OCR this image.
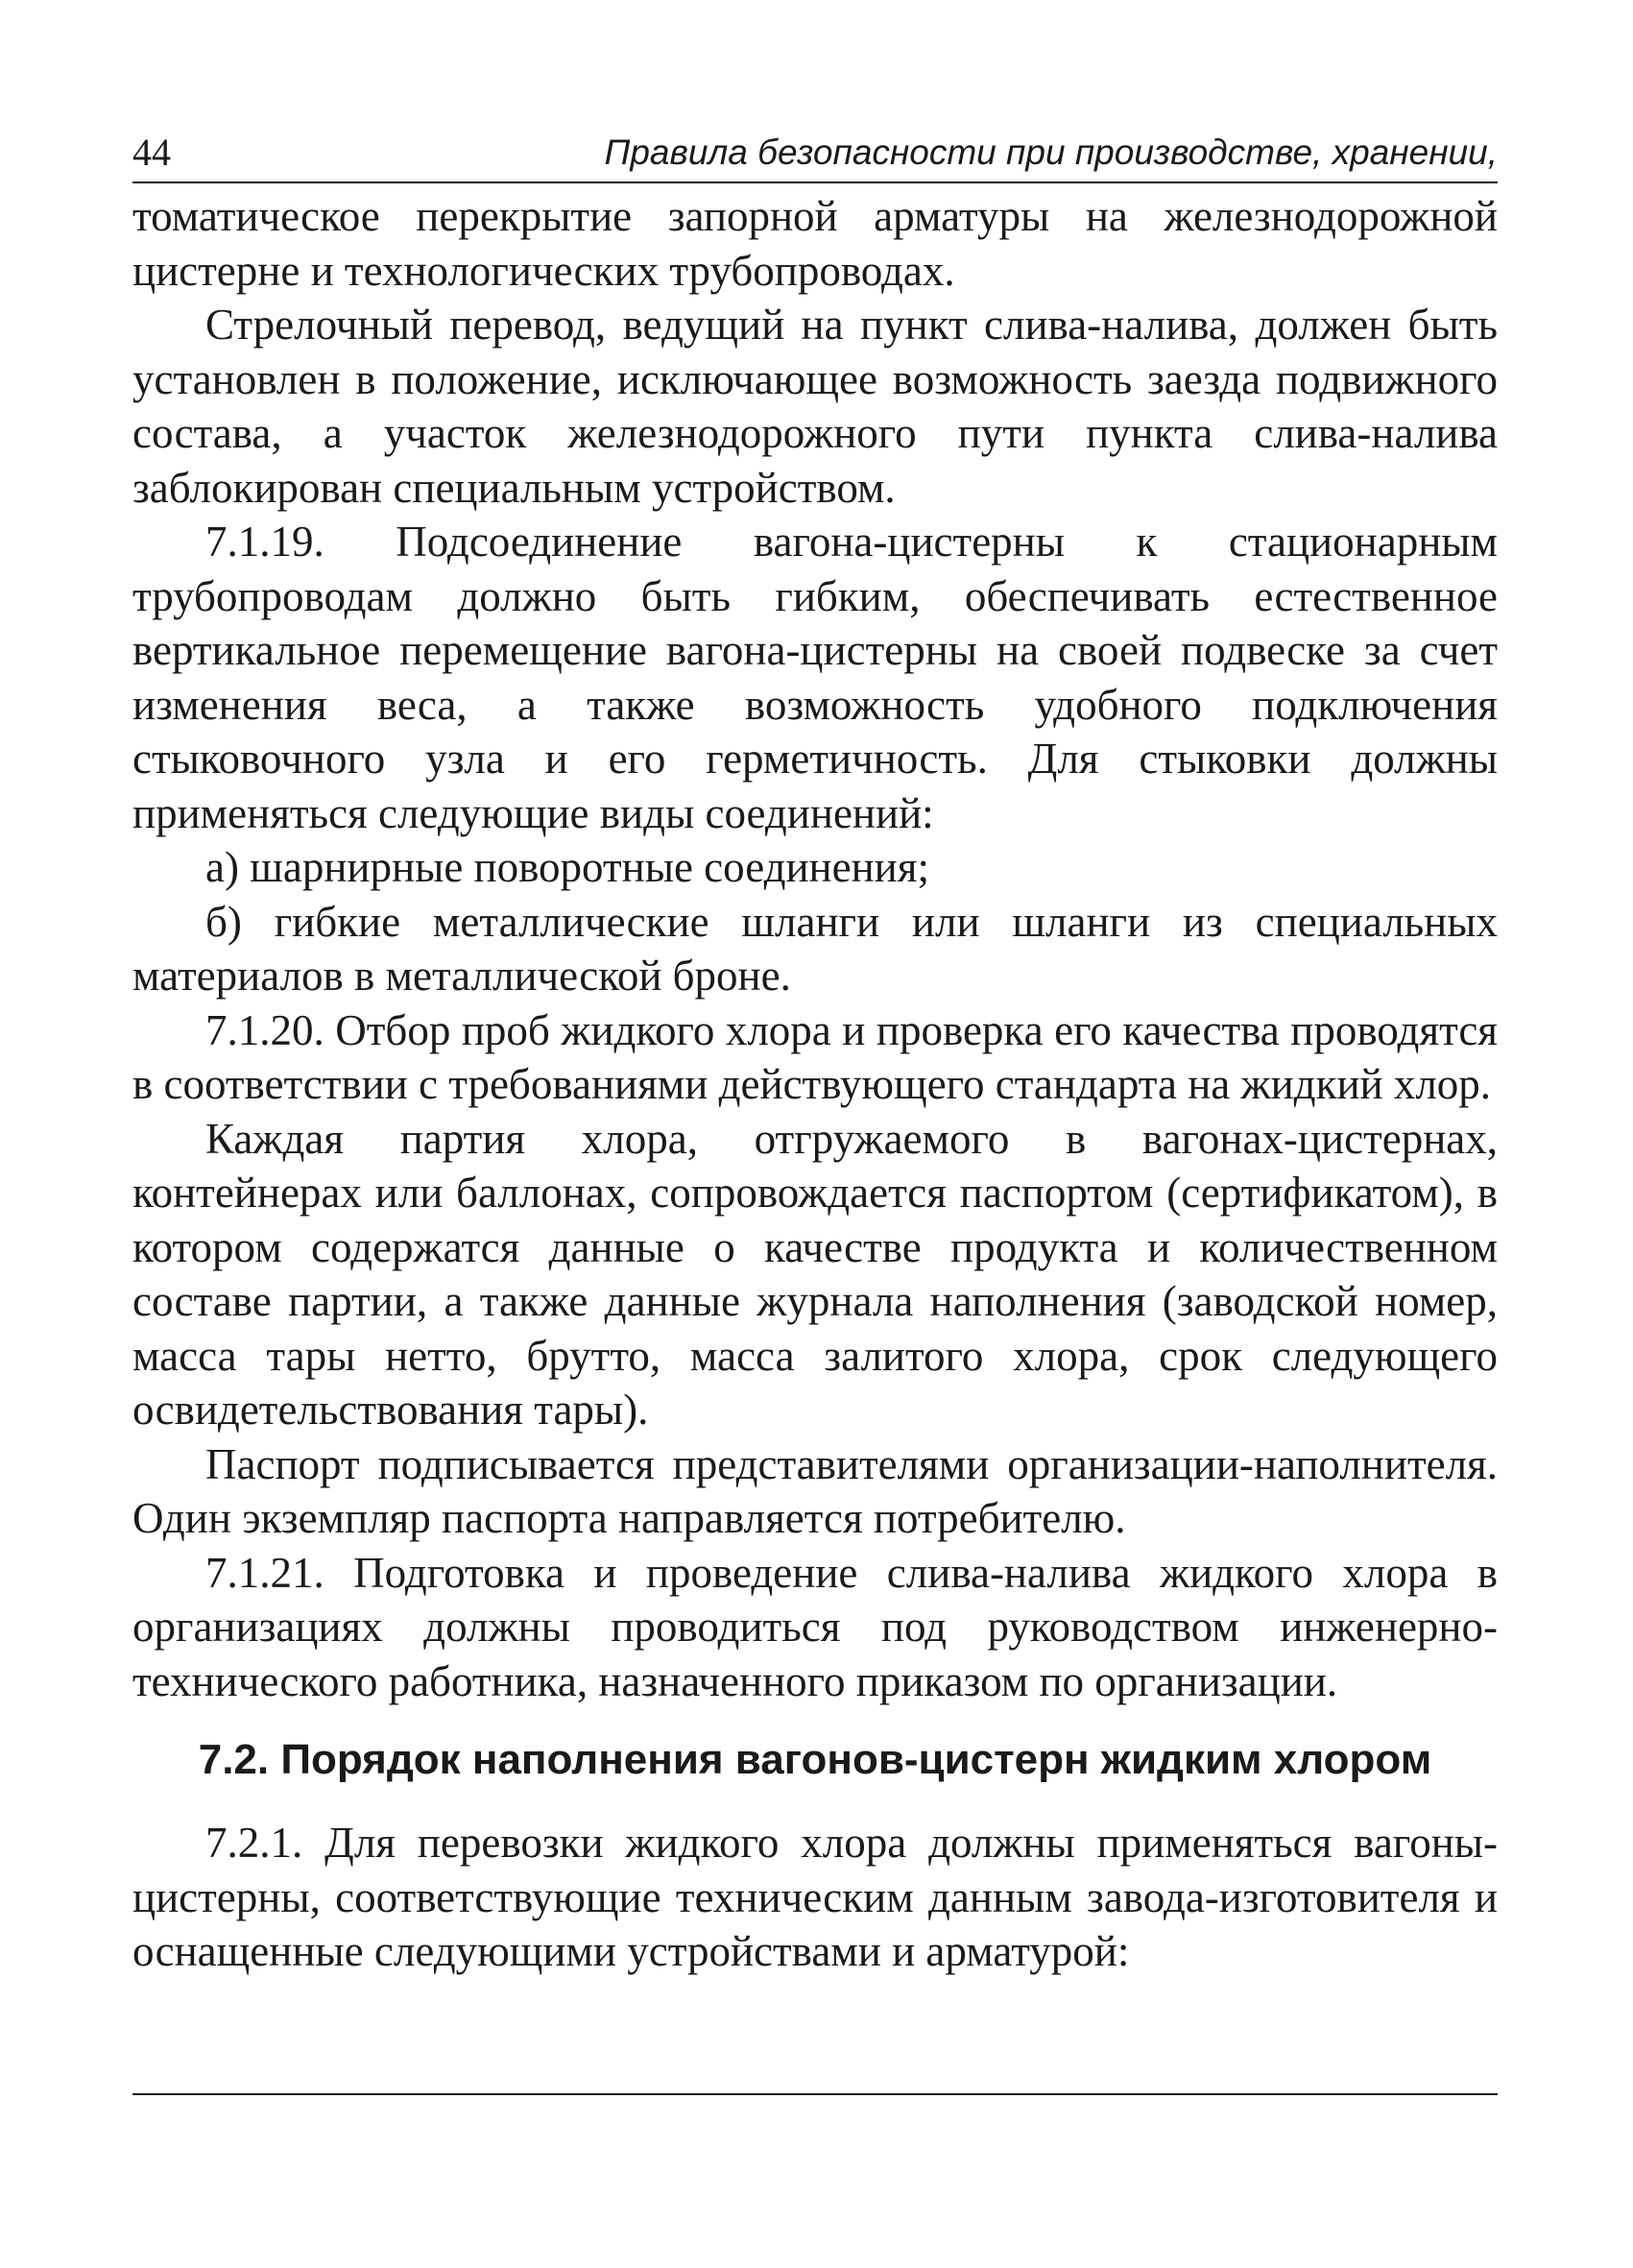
44	Правила безопасности при производстве, хранении,

томатическое перекрытие запорной арматуры на железнодорожной цистерне и технологических трубопроводах.

Стрелочный перевод, ведущий на пункт слива-налива, должен быть установлен в положение, исключающее возможность заезда подвижного состава, а участок железнодорожного пути пункта слива-налива заблокирован специальным устройством.

7.1.19. Подсоединение вагона-цистерны к стационарным трубопроводам должно быть гибким, обеспечивать естественное вертикальное перемещение вагона-цистерны на своей подвеске за счет изменения веса, а также возможность удобного подключения стыковочного узла и его герметичность. Для стыковки должны применяться следующие виды соединений:

а) шарнирные поворотные соединения;

б) гибкие металлические шланги или шланги из специальных материалов в металлической броне.

7.1.20. Отбор проб жидкого хлора и проверка его качества проводятся в соответствии с требованиями действующего стандарта на жидкий хлор.

Каждая партия хлора, отгружаемого в вагонах-цистернах, контейнерах или баллонах, сопровождается паспортом (сертификатом), в котором содержатся данные о качестве продукта и количественном составе партии, а также данные журнала наполнения (заводской номер, масса тары нетто, брутто, масса залитого хлора, срок следующего освидетельствования тары).

Паспорт подписывается представителями организации-наполнителя. Один экземпляр паспорта направляется потребителю.

7.1.21. Подготовка и проведение слива-налива жидкого хлора в организациях должны проводиться под руководством инженерно-технического работника, назначенного приказом по организации.

7.2. Порядок наполнения вагонов-цистерн жидким хлором

7.2.1. Для перевозки жидкого хлора должны применяться вагоны-цистерны, соответствующие техническим данным завода-изготовителя и оснащенные следующими устройствами и арматурой:
